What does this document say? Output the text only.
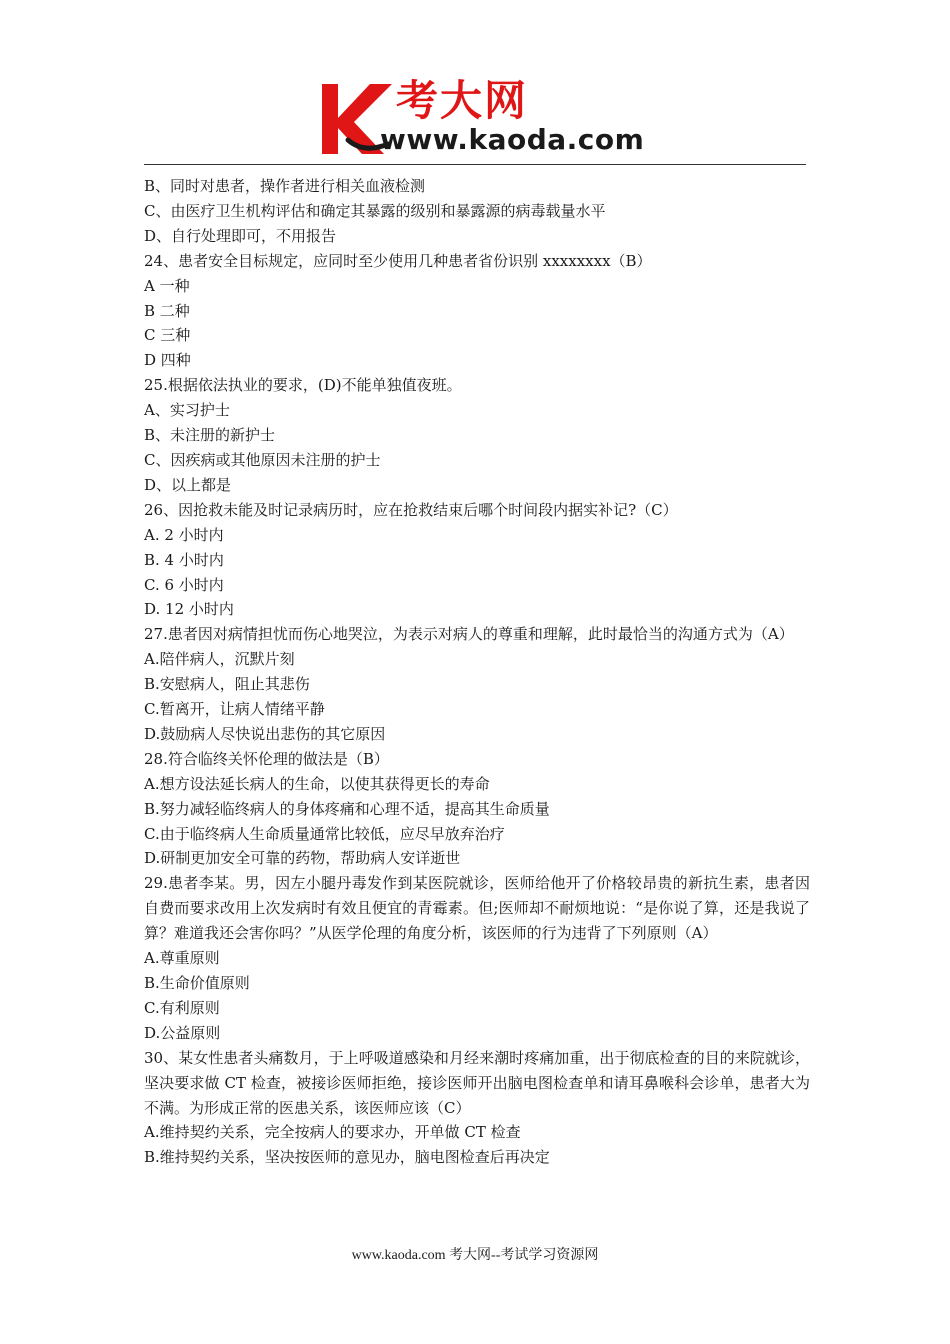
考大网
www.kaoda.com

B、同时对患者，操作者进行相关血液检测

C、由医疗卫生机构评估和确定其暴露的级别和暴露源的病毒载量水平

D、自行处理即可，不用报告

24、患者安全目标规定，应同时至少使用几种患者省份识别 xxxxxxxx（B）

A 一种

B 二种

C 三种

D 四种

25.根据依法执业的要求，(D)不能单独值夜班。

A、实习护士

B、未注册的新护士

C、因疾病或其他原因未注册的护士

D、以上都是

26、因抢救未能及时记录病历时，应在抢救结束后哪个时间段内据实补记?（C）

A. 2 小时内

B. 4 小时内

C. 6 小时内

D. 12 小时内

27.患者因对病情担忧而伤心地哭泣，为表示对病人的尊重和理解，此时最恰当的沟通方式为（A）

A.陪伴病人，沉默片刻

B.安慰病人，阻止其悲伤

C.暂离开，让病人情绪平静

D.鼓励病人尽快说出悲伤的其它原因

28.符合临终关怀伦理的做法是（B）

A.想方设法延长病人的生命，以使其获得更长的寿命

B.努力减轻临终病人的身体疼痛和心理不适，提高其生命质量

C.由于临终病人生命质量通常比较低，应尽早放弃治疗

D.研制更加安全可靠的药物，帮助病人安详逝世

29.患者李某。男，因左小腿丹毒发作到某医院就诊，医师给他开了价格较昂贵的新抗生素，患者因自费而要求改用上次发病时有效且便宜的青霉素。但;医师却不耐烦地说：“是你说了算，还是我说了算？难道我还会害你吗？”从医学伦理的角度分析，该医师的行为违背了下列原则（A）

A.尊重原则

B.生命价值原则

C.有利原则

D.公益原则

30、某女性患者头痛数月，于上呼吸道感染和月经来潮时疼痛加重，出于彻底检查的目的来院就诊，坚决要求做 CT 检查，被接诊医师拒绝，接诊医师开出脑电图检查单和请耳鼻喉科会诊单，患者大为不满。为形成正常的医患关系，该医师应该（C）

A.维持契约关系，完全按病人的要求办，开单做 CT 检查

B.维持契约关系，坚决按医师的意见办，脑电图检查后再决定

www.kaoda.com 考大网--考试学习资源网
